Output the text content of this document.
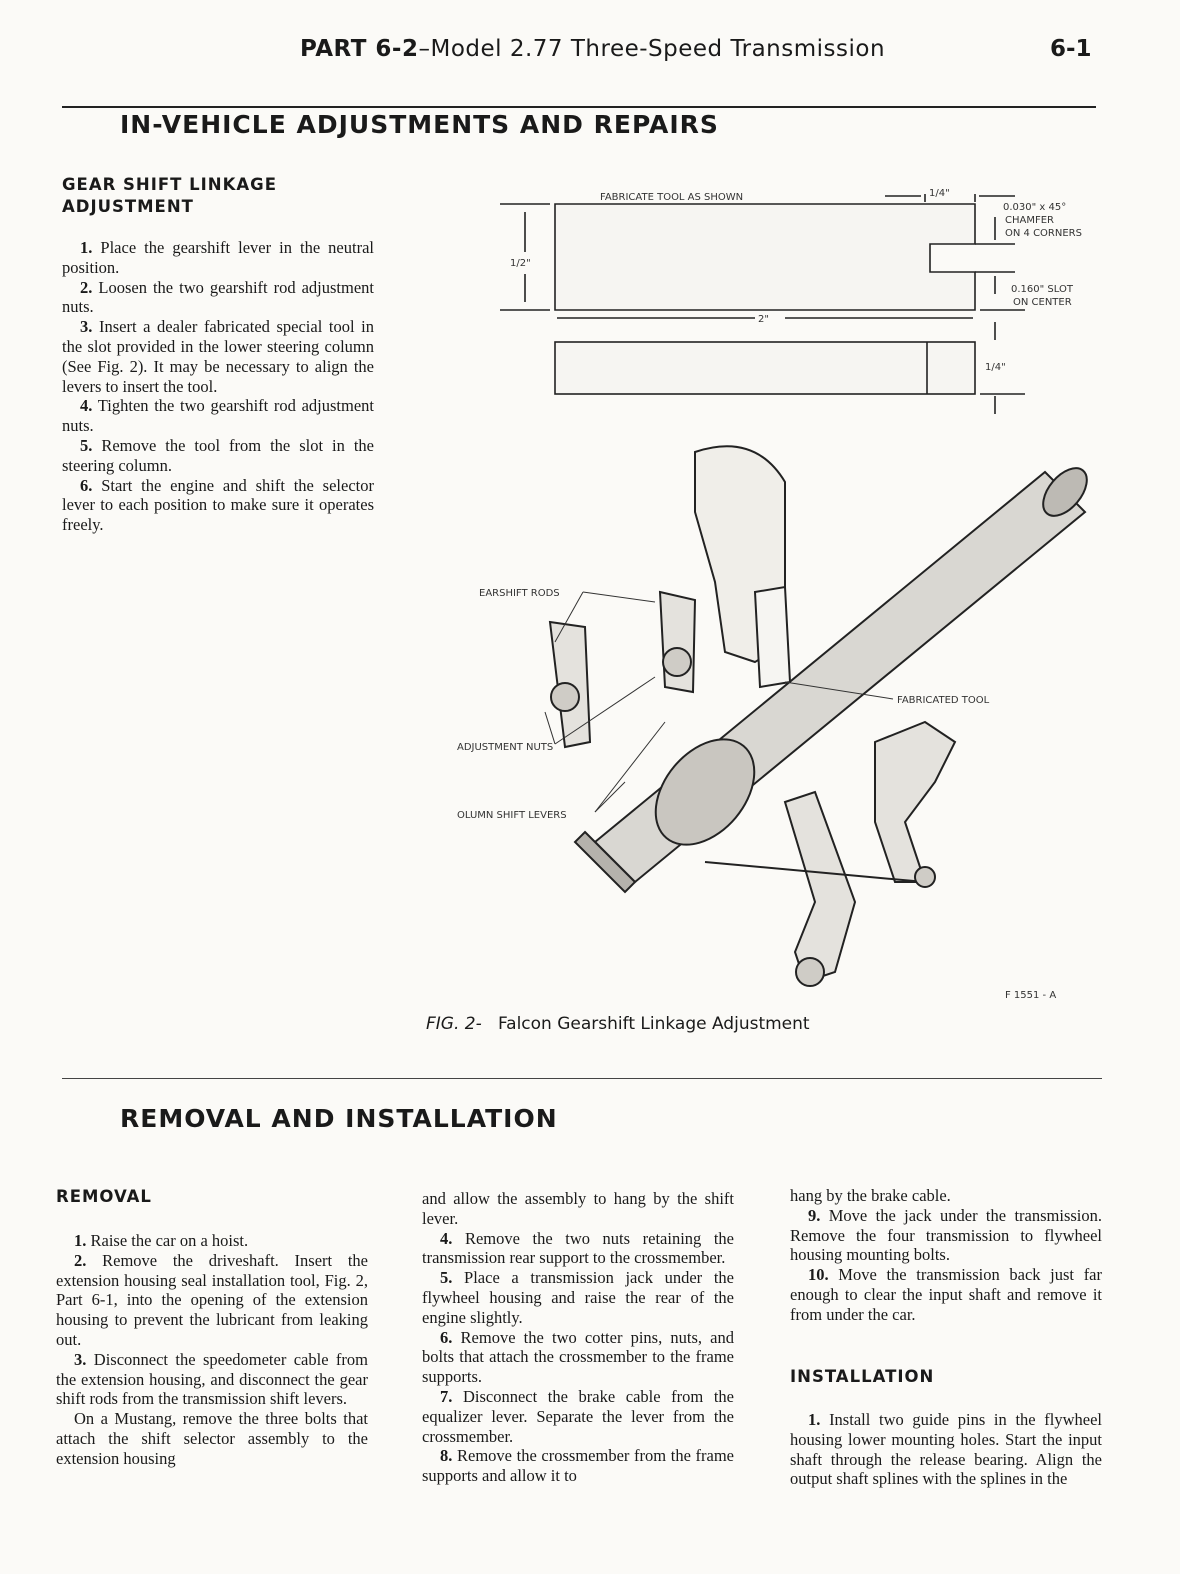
PART 6-2–Model 2.77 Three-Speed Transmission	6-1
IN-VEHICLE ADJUSTMENTS AND REPAIRS
GEAR SHIFT LINKAGE
ADJUSTMENT

1. Place the gearshift lever in the neutral position.

2. Loosen the two gearshift rod adjustment nuts.

3. Insert a dealer fabricated special tool in the slot provided in the lower steering column (See Fig. 2). It may be necessary to align the levers to insert the tool.

4. Tighten the two gearshift rod adjustment nuts.

5. Remove the tool from the slot in the steering column.

6. Start the engine and shift the selector lever to each position to make sure it operates freely.

FABRICATE TOOL AS SHOWN	1/4"
0.030" x 45°
CHAMFER
ON 4 CORNERS
1/2"
0.160" SLOT
ON CENTER
2"
1/4"
EARSHIFT RODS
FABRICATED TOOL
ADJUSTMENT NUTS
OLUMN SHIFT LEVERS
F 1551 - A
FIG. 2- Falcon Gearshift Linkage Adjustment
REMOVAL AND INSTALLATION
REMOVAL

1. Raise the car on a hoist.

2. Remove the driveshaft. Insert the extension housing seal installation tool, Fig. 2, Part 6-1, into the opening of the extension housing to prevent the lubricant from leaking out.

3. Disconnect the speedometer cable from the extension housing, and disconnect the gear shift rods from the transmission shift levers.

On a Mustang, remove the three bolts that attach the shift selector assembly to the extension housing

and allow the assembly to hang by the shift lever.

4. Remove the two nuts retaining the transmission rear support to the crossmember.

5. Place a transmission jack under the flywheel housing and raise the rear of the engine slightly.

6. Remove the two cotter pins, nuts, and bolts that attach the crossmember to the frame supports.

7. Disconnect the brake cable from the equalizer lever. Separate the lever from the crossmember.

8. Remove the crossmember from the frame supports and allow it to

hang by the brake cable.

9. Move the jack under the transmission. Remove the four transmission to flywheel housing mounting bolts.

10. Move the transmission back just far enough to clear the input shaft and remove it from under the car.

INSTALLATION

1. Install two guide pins in the flywheel housing lower mounting holes. Start the input shaft through the release bearing. Align the output shaft splines with the splines in the
